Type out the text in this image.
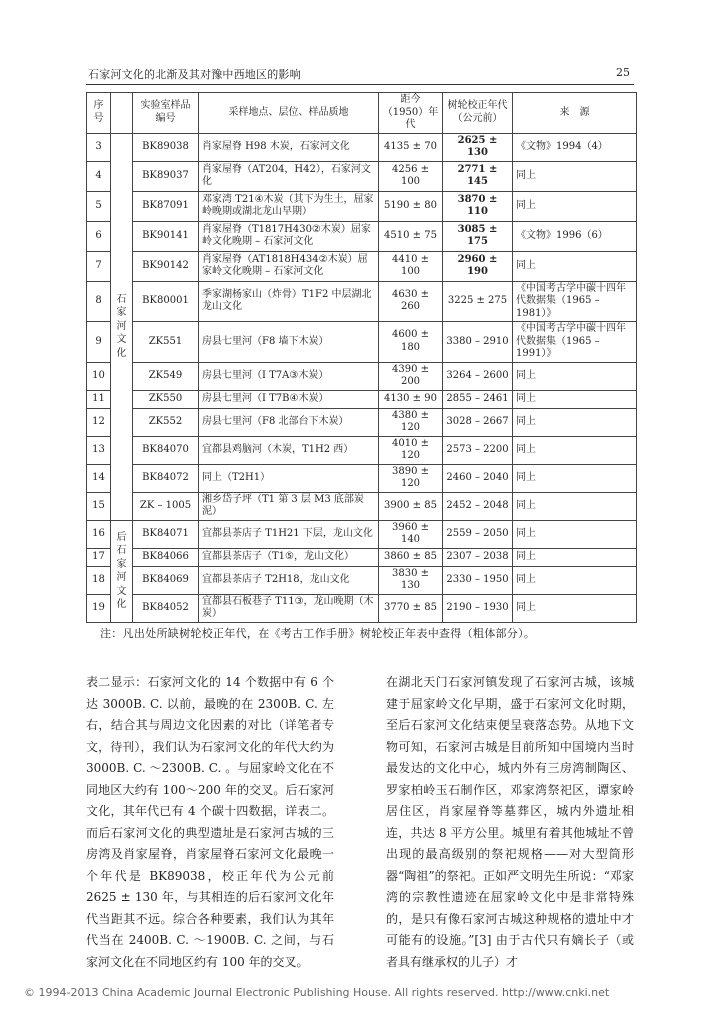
石家河文化的北渐及其对豫中西地区的影响	25
序号		实验室样品编号	采样地点、层位、样品质地	距今（1950）年代	树轮校正年代（公元前）	来　源
3	石家河文化	BK89038	肖家屋脊 H98 木炭，石家河文化	4135 ± 70	2625 ± 130	《文物》1994（4）
4		BK89037	肖家屋脊（AT204，H42），石家河文化	4256 ± 100	2771 ± 145	同上
5		BK87091	邓家湾 T21④木炭（其下为生土，屈家岭晚期或湖北龙山早期）	5190 ± 80	3870 ± 110	同上
6		BK90141	肖家屋脊（T1817H430②木炭）屈家岭文化晚期 – 石家河文化	4510 ± 75	3085 ± 175	《文物》1996（6）
7		BK90142	肖家屋脊（AT1818H434②木炭）屈家岭文化晚期 – 石家河文化	4410 ± 100	2960 ± 190	同上
8		BK80001	季家湖杨家山（炸骨）T1F2 中层湖北龙山文化	4630 ± 260	3225 ± 275	《中国考古学中碳十四年代数据集（1965 – 1981）》
9		ZK551	房县七里河（F8 墙下木炭）	4600 ± 180	3380 – 2910	《中国考古学中碳十四年代数据集（1965 – 1991）》
10		ZK549	房县七里河（Ⅰ T7A③木炭）	4390 ± 200	3264 – 2600	同上
11		ZK550	房县七里河（Ⅰ T7B④木炭）	4130 ± 90	2855 – 2461	同上
12		ZK552	房县七里河（F8 北部台下木炭）	4380 ± 120	3028 – 2667	同上
13		BK84070	宜都县鸡脑河（木炭，T1H2 西）	4010 ± 120	2573 – 2200	同上
14		BK84072	同上（T2H1）	3890 ± 120	2460 – 2040	同上
15		ZK – 1005	湘乡岱子坪（T1 第 3 层 M3 底部炭泥）	3900 ± 85	2452 – 2048	同上
16	后石家河文化	BK84071	宜都县茶店子 T1H21 下层，龙山文化	3960 ± 140	2559 – 2050	同上
17		BK84066	宜都县茶店子（T1⑤，龙山文化）	3860 ± 85	2307 – 2038	同上
18		BK84069	宜都县茶店子 T2H18，龙山文化	3830 ± 130	2330 – 1950	同上
19		BK84052	宜都县石板巷子 T11③，龙山晚期（木炭）	3770 ± 85	2190 – 1930	同上
注：凡出处所缺树轮校正年代，在《考古工作手册》树轮校正年表中查得（粗体部分）。
表二显示：石家河文化的 14 个数据中有 6 个达 3000B. C. 以前，最晚的在 2300B. C. 左右，结合其与周边文化因素的对比（详笔者专文，待刊），我们认为石家河文化的年代大约为 3000B. C. ～2300B. C. 。与屈家岭文化在不同地区大约有 100～200 年的交叉。后石家河文化，其年代已有 4 个碳十四数据，详表二。而后石家河文化的典型遗址是石家河古城的三房湾及肖家屋脊，肖家屋脊石家河文化最晚一个年代是 BK89038，校正年代为公元前 2625 ± 130 年，与其相连的后石家河文化年代当距其不远。综合各种要素，我们认为其年代当在 2400B. C. ～1900B. C. 之间，与石家河文化在不同地区约有 100 年的交叉。
在湖北天门石家河镇发现了石家河古城，该城建于屈家岭文化早期，盛于石家河文化时期，至后石家河文化结束便呈衰落态势。从地下文物可知，石家河古城是目前所知中国境内当时最发达的文化中心，城内外有三房湾制陶区、罗家柏岭玉石制作区，邓家湾祭祀区，谭家岭居住区，肖家屋脊等墓葬区，城内外遗址相连，共达 8 平方公里。城里有着其他城址不曾出现的最高级别的祭祀规格——对大型筒形器“陶祖”的祭祀。正如严文明先生所说：“邓家湾的宗教性遗迹在屈家岭文化中是非常特殊的，是只有像石家河古城这种规格的遗址中才可能有的设施。”[3] 由于古代只有嫡长子（或者具有继承权的儿子）才
© 1994-2013 China Academic Journal Electronic Publishing House. All rights reserved. http://www.cnki.net
